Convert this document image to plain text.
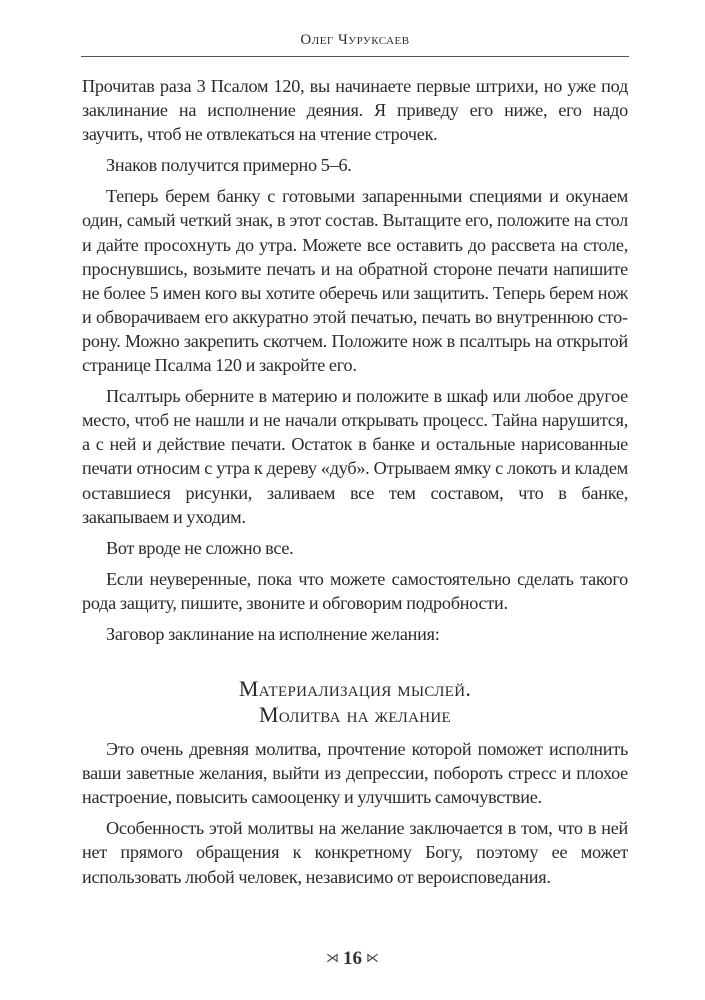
Олег Чуруксаев

Прочитав раза 3 Псалом 120, вы начинаете первые штрихи, но уже под заклинание на исполнение деяния. Я приведу его ниже, его надо заучить, чтоб не отвлекаться на чтение строчек.

Знаков получится примерно 5–6.

Теперь берем банку с готовыми запаренными специями и окунаем один, самый четкий знак, в этот состав. Вытащите его, положите на стол и дайте просохнуть до утра. Можете все оставить до рассвета на столе, проснувшись, возьмите печать и на обратной стороне печати напишите не более 5 имен кого вы хотите оберечь или защитить. Теперь берем нож и обворачиваем его аккуратно этой печатью, печать во внутреннюю сторону. Можно закрепить скотчем. Положите нож в псалтырь на открытой странице Псалма 120 и закройте его.

Псалтырь оберните в материю и положите в шкаф или любое другое место, чтоб не нашли и не начали открывать процесс. Тайна нарушится, а с ней и действие печати. Остаток в банке и остальные нарисованные печати относим с утра к дереву «дуб». Отрываем ямку с локоть и кладем оставшиеся рисунки, заливаем все тем составом, что в банке, закапываем и уходим.

Вот вроде не сложно все.

Если неуверенные, пока что можете самостоятельно сделать такого рода защиту, пишите, звоните и обговорим подробности.

Заговор заклинание на исполнение желания:

Материализация мыслей.
Молитва на желание

Это очень древняя молитва, прочтение которой поможет исполнить ваши заветные желания, выйти из депрессии, побороть стресс и плохое настроение, повысить самооценку и улучшить самочувствие.

Особенность этой молитвы на желание заключается в том, что в ней нет прямого обращения к конкретному Богу, поэтому ее может использовать любой человек, независимо от вероисповедания.

⋊ 16 ⋉
